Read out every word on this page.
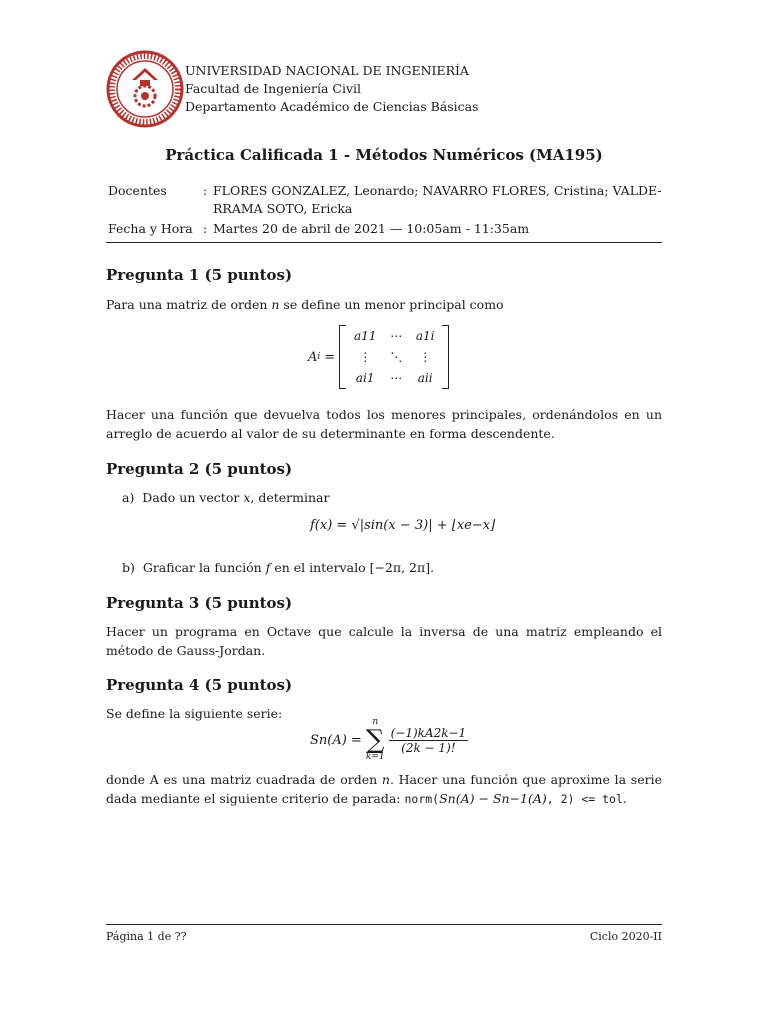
UNIVERSIDAD NACIONAL DE INGENIERÍA
Facultad de Ingeniería Civil
Departamento Académico de Ciencias Básicas
Práctica Calificada 1 - Métodos Numéricos (MA195)
Docentes	: FLORES GONZALEZ, Leonardo; NAVARRO FLORES, Cristina; VALDE-RRAMA SOTO, Ericka
Fecha y Hora : Martes 20 de abril de 2021 — 10:05am - 11:35am
Pregunta 1 (5 puntos)
Para una matriz de orden n se define un menor principal como
A i =
a11	⋯	a1i
⋮	⋱	⋮
ai1	⋯	aii
Hacer una función que devuelva todos los menores principales, ordenándolos en un arreglo de acuerdo al valor de su determinante en forma descendente.
Pregunta 2 (5 puntos)
a) Dado un vector x, determinar
f(x) = √|sin(x − 3)| + ⌊xe−x⌋
b) Graficar la función f en el intervalo [−2π, 2π].
Pregunta 3 (5 puntos)
Hacer un programa en Octave que calcule la inversa de una matriz empleando el método de Gauss-Jordan.
Pregunta 4 (5 puntos)
Se define la siguiente serie:
Sn(A) =
n
∑
k=1
(−1)kA2k−1
(2k − 1)!
donde A es una matriz cuadrada de orden n. Hacer una función que aproxime la serie dada mediante el siguiente criterio de parada: norm(Sn(A) − Sn−1(A), 2) <= tol.
Página 1 de ??	Ciclo 2020-II
